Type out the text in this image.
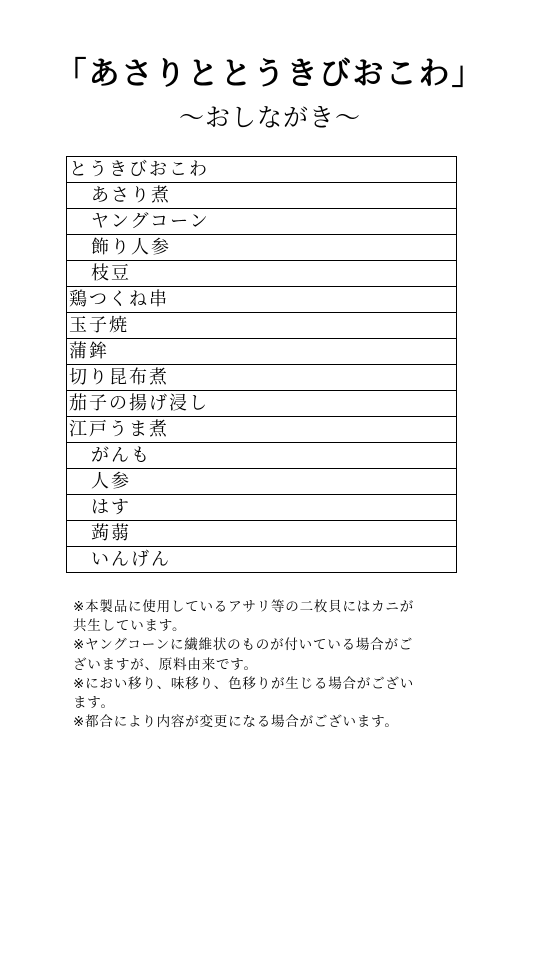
「あさりととうきびおこわ」
〜おしながき〜
とうきびおこわ
あさり煮
ヤングコーン
飾り人参
枝豆
鶏つくね串
玉子焼
蒲鉾
切り昆布煮
茄子の揚げ浸し
江戸うま煮
がんも
人参
はす
蒟蒻
いんげん
※本製品に使用しているアサリ等の二枚貝にはカニが
共生しています。
※ヤングコーンに繊維状のものが付いている場合がご
ざいますが、原料由来です。
※におい移り、味移り、色移りが生じる場合がござい
ます。
※都合により内容が変更になる場合がございます。
